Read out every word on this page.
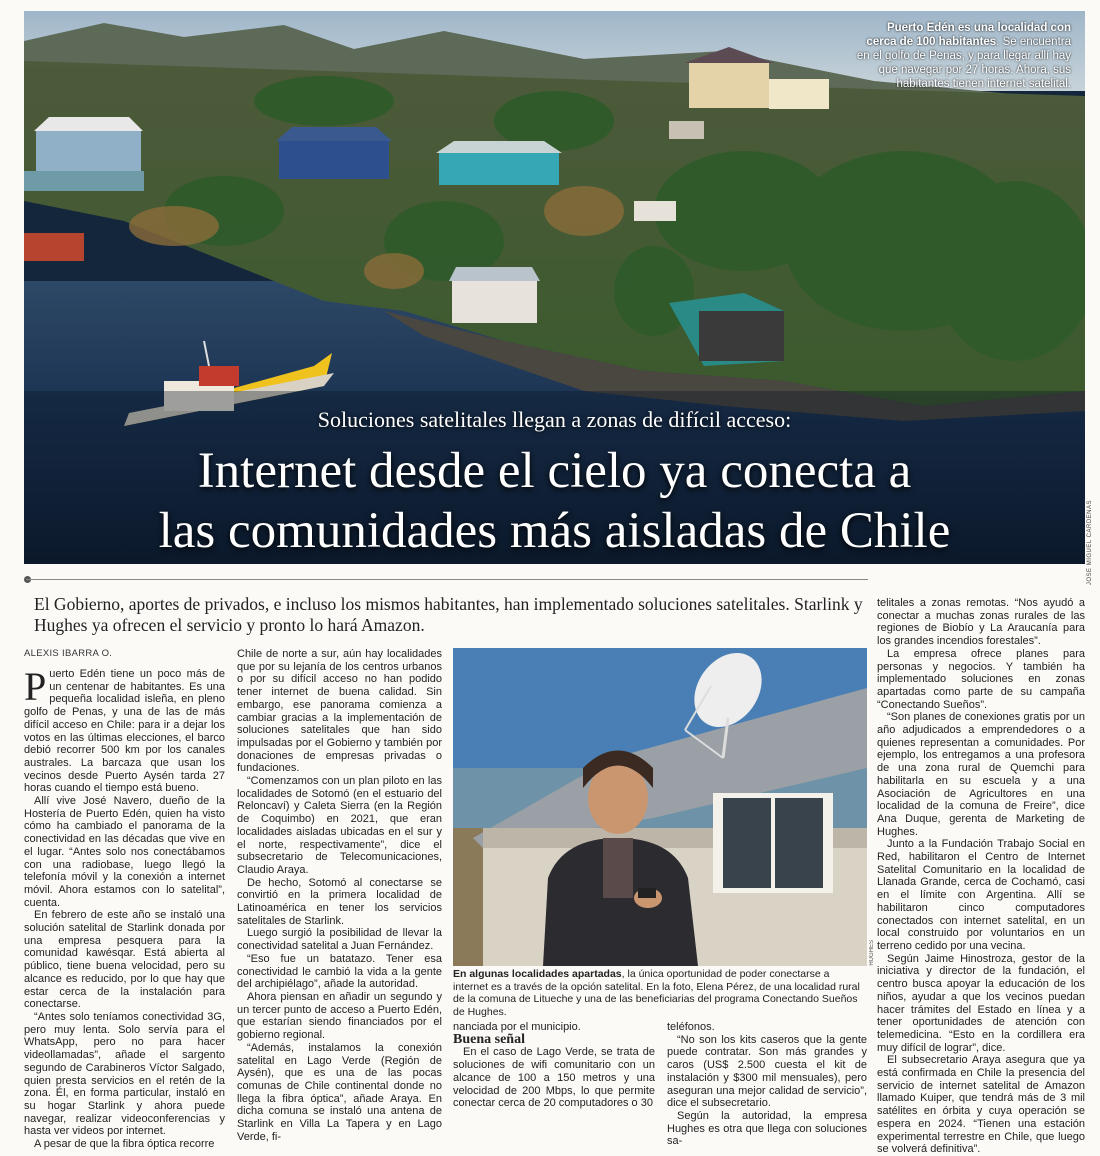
Puerto Edén es una localidad con cerca de 100 habitantes. Se encuentra en el golfo de Penas, y para llegar allí hay que navegar por 27 horas. Ahora, sus habitantes tienen internet satelital.
Soluciones satelitales llegan a zonas de difícil acceso:
Internet desde el cielo ya conecta a
las comunidades más aisladas de Chile	JOSÉ MIGUEL CÁRDENAS
El Gobierno, aportes de privados, e incluso los mismos habitantes, han implementado soluciones satelitales. Starlink y Hughes ya ofrecen el servicio y pronto lo hará Amazon.
ALEXIS IBARRA O.

Puerto Edén tiene un poco más de un centenar de habitantes. Es una pequeña localidad isleña, en pleno golfo de Penas, y una de las de más difícil acceso en Chile: para ir a dejar los votos en las últimas elecciones, el barco debió recorrer 500 km por los canales australes. La barcaza que usan los vecinos desde Puerto Aysén tarda 27 horas cuando el tiempo está bueno.

Allí vive José Navero, dueño de la Hostería de Puerto Edén, quien ha visto cómo ha cambiado el panorama de la conectividad en las décadas que vive en el lugar. “Antes solo nos conectábamos con una radiobase, luego llegó la telefonía móvil y la conexión a internet móvil. Ahora estamos con lo satelital”, cuenta.

En febrero de este año se instaló una solución satelital de Starlink donada por una empresa pesquera para la comunidad kawésqar. Está abierta al público, tiene buena velocidad, pero su alcance es reducido, por lo que hay que estar cerca de la instalación para conectarse.

“Antes solo teníamos conectividad 3G, pero muy lenta. Solo servía para el WhatsApp, pero no para hacer videollamadas”, añade el sargento segundo de Carabineros Víctor Salgado, quien presta servicios en el retén de la zona. Él, en forma particular, instaló en su hogar Starlink y ahora puede navegar, realizar videoconferencias y hasta ver videos por internet.

A pesar de que la fibra óptica recorre

Chile de norte a sur, aún hay localidades que por su lejanía de los centros urbanos o por su difícil acceso no han podido tener internet de buena calidad. Sin embargo, ese panorama comienza a cambiar gracias a la implementación de soluciones satelitales que han sido impulsadas por el Gobierno y también por donaciones de empresas privadas o fundaciones.

“Comenzamos con un plan piloto en las localidades de Sotomó (en el estuario del Reloncaví) y Caleta Sierra (en la Región de Coquimbo) en 2021, que eran localidades aisladas ubicadas en el sur y el norte, respectivamente”, dice el subsecretario de Telecomunicaciones, Claudio Araya.

De hecho, Sotomó al conectarse se convirtió en la primera localidad de Latinoamérica en tener los servicios satelitales de Starlink.

Luego surgió la posibilidad de llevar la conectividad satelital a Juan Fernández.

“Eso fue un batatazo. Tener esa conectividad le cambió la vida a la gente del archipiélago”, añade la autoridad.

Ahora piensan en añadir un segundo y un tercer punto de acceso a Puerto Edén, que estarían siendo financiados por el gobierno regional.

“Además, instalamos la conexión satelital en Lago Verde (Región de Aysén), que es una de las pocas comunas de Chile continental donde no llega la fibra óptica”, añade Araya. En dicha comuna se instaló una antena de Starlink en Villa La Tapera y en Lago Verde, fi-

HUGHES
En algunas localidades apartadas, la única oportunidad de poder conectarse a internet es a través de la opción satelital. En la foto, Elena Pérez, de una localidad rural de la comuna de Litueche y una de las beneficiarias del programa Conectando Sueños de Hughes.

nanciada por el municipio.

Buena señal

En el caso de Lago Verde, se trata de soluciones de wifi comunitario con un alcance de 100 a 150 metros y una velocidad de 200 Mbps, lo que permite conectar cerca de 20 computadores o 30

teléfonos.

“No son los kits caseros que la gente puede contratar. Son más grandes y caros (US$ 2.500 cuesta el kit de instalación y $300 mil mensuales), pero aseguran una mejor calidad de servicio”, dice el subsecretario.

Según la autoridad, la empresa Hughes es otra que llega con soluciones sa-

telitales a zonas remotas. “Nos ayudó a conectar a muchas zonas rurales de las regiones de Biobío y La Araucanía para los grandes incendios forestales”.

La empresa ofrece planes para personas y negocios. Y también ha implementado soluciones en zonas apartadas como parte de su campaña “Conectando Sueños”.

“Son planes de conexiones gratis por un año adjudicados a emprendedores o a quienes representan a comunidades. Por ejemplo, los entregamos a una profesora de una zona rural de Quemchi para habilitarla en su escuela y a una Asociación de Agricultores en una localidad de la comuna de Freire”, dice Ana Duque, gerenta de Marketing de Hughes.

Junto a la Fundación Trabajo Social en Red, habilitaron el Centro de Internet Satelital Comunitario en la localidad de Llanada Grande, cerca de Cochamó, casi en el límite con Argentina. Allí se habilitaron cinco computadores conectados con internet satelital, en un local construido por voluntarios en un terreno cedido por una vecina.

Según Jaime Hinostroza, gestor de la iniciativa y director de la fundación, el centro busca apoyar la educación de los niños, ayudar a que los vecinos puedan hacer trámites del Estado en línea y a tener oportunidades de atención con telemedicina. “Esto en la cordillera era muy difícil de lograr”, dice.

El subsecretario Araya asegura que ya está confirmada en Chile la presencia del servicio de internet satelital de Amazon llamado Kuiper, que tendrá más de 3 mil satélites en órbita y cuya operación se espera en 2024. “Tienen una estación experimental terrestre en Chile, que luego se volverá definitiva”.
